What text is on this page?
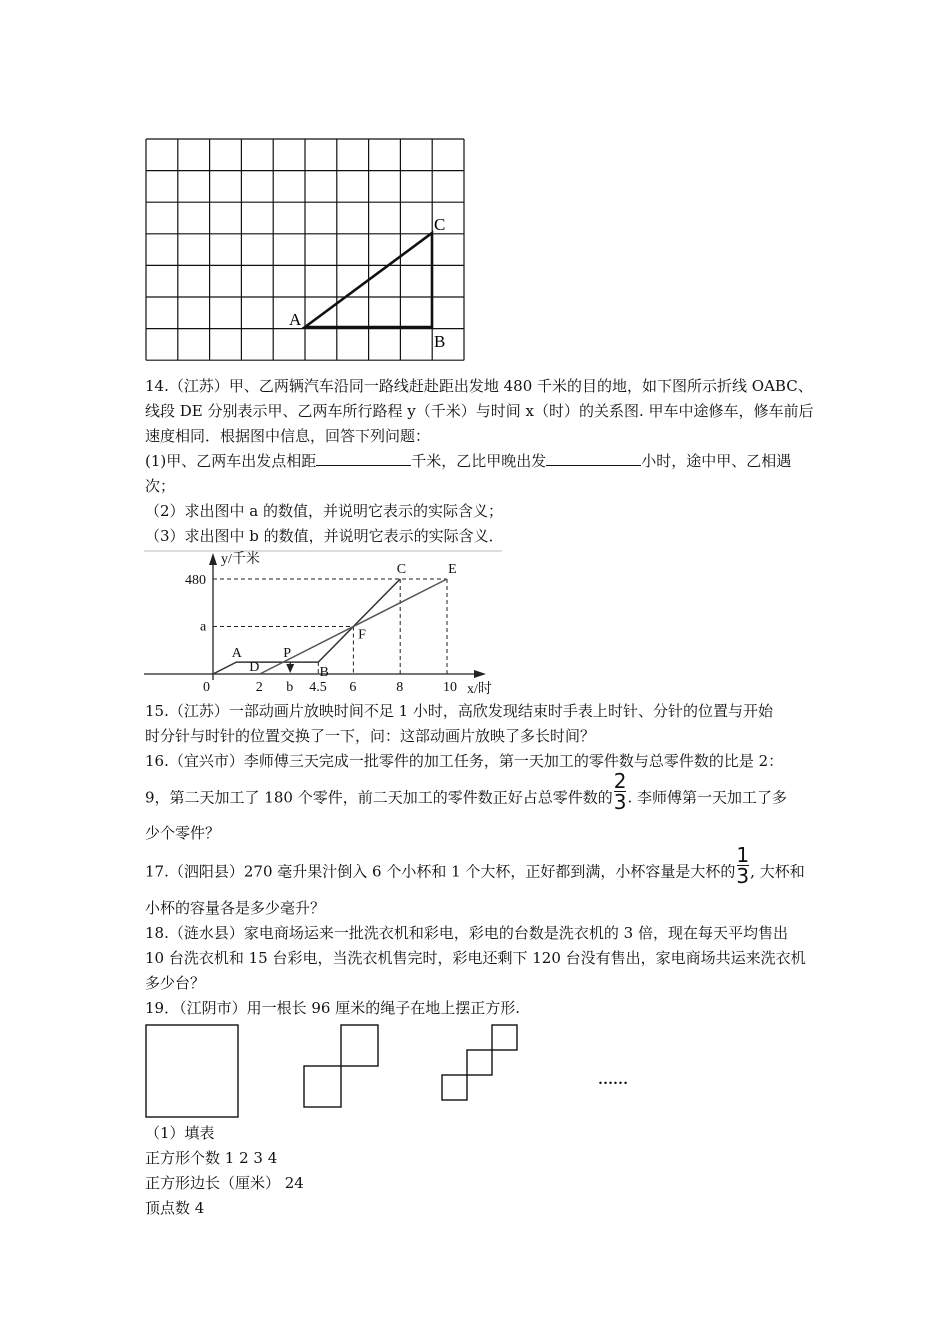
A
B
C
14.（江苏）甲、乙两辆汽车沿同一路线赶赴距出发地 480 千米的目的地，如下图所示折线 OABC、
线段 DE 分别表示甲、乙两车所行路程 y（千米）与时间 x（时）的关系图. 甲车中途修车，修车前后
速度相同．根据图中信息，回答下列问题：
(1)甲、乙两车出发点相距	千米，乙比甲晚出发	小时，途中甲、乙相遇
次；
（2）求出图中 a 的数值，并说明它表示的实际含义；
（3）求出图中 b 的数值，并说明它表示的实际含义．
y/千米
x/时
480
a
0	2 b 4.5 6	8	10
A
B
C
D
E
F
P
15.（江苏）一部动画片放映时间不足 1 小时，高欣发现结束时手表上时针、分针的位置与开始
时分针与时针的位置交换了一下，问：这部动画片放映了多长时间？
16.（宜兴市）李师傅三天完成一批零件的加工任务，第一天加工的零件数与总零件数的比是 2：
9，第二天加工了 180 个零件，前二天加工的零件数正好占总零件数的 $\frac{2}{3}$ . 李师傅第一天加工了多
少个零件？
17.（泗阳县）270 毫升果汁倒入 6 个小杯和 1 个大杯，正好都到满，小杯容量是大杯的 $\frac{1}{3}$ , 大杯和
小杯的容量各是多少毫升？
18.（涟水县）家电商场运来一批洗衣机和彩电，彩电的台数是洗衣机的 3 倍，现在每天平均售出
10 台洗衣机和 15 台彩电，当洗衣机售完时，彩电还剩下 120 台没有售出，家电商场共运来洗衣机
多少台？
19．（江阴市）用一根长 96 厘米的绳子在地上摆正方形.
……
（1）填表
正方形个数 1 2 3 4
正方形边长（厘米） 24
顶点数 4
